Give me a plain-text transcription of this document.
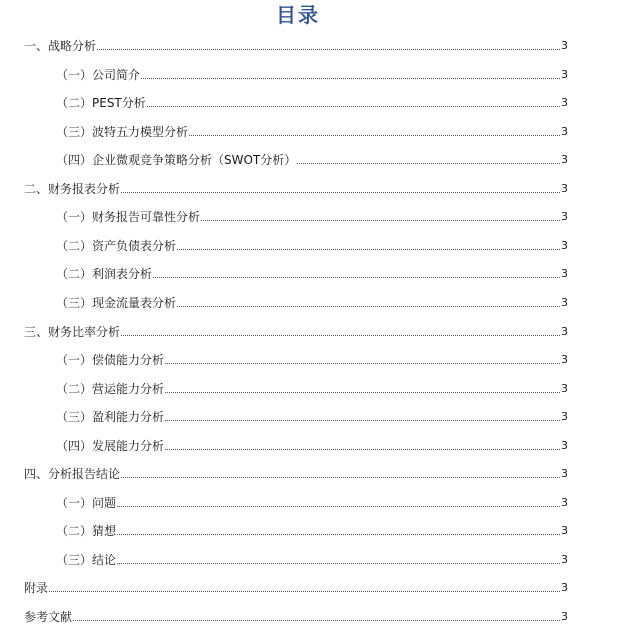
目录
一、战略分析	3
（一）公司简介	3
（二）PEST分析	3
（三）波特五力模型分析	3
（四）企业微观竞争策略分析（SWOT分析）	3
二、财务报表分析	3
（一）财务报告可靠性分析	3
（二）资产负债表分析	3
（二）利润表分析	3
（三）现金流量表分析	3
三、财务比率分析	3
（一）偿债能力分析	3
（二）营运能力分析	3
（三）盈利能力分析	3
（四）发展能力分析	3
四、分析报告结论	3
（一）问题	3
（二）猜想	3
（三）结论	3
附录	3
参考文献	3
